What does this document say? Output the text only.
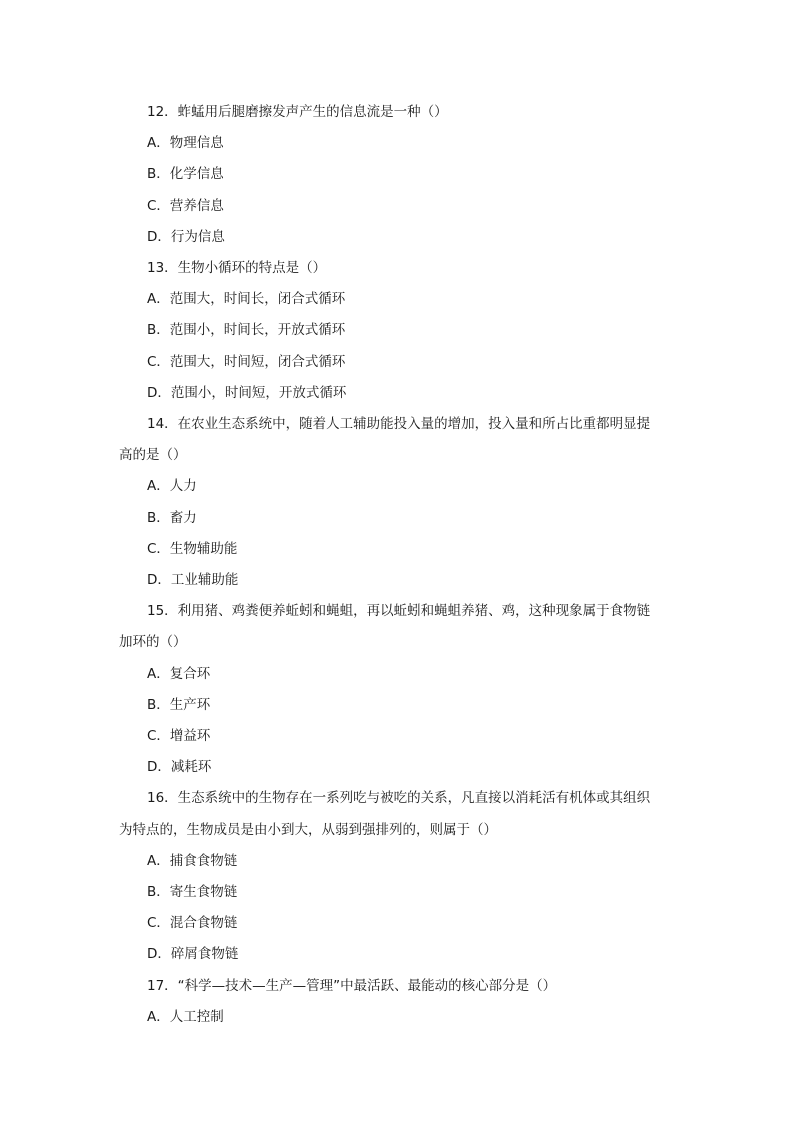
12．蚱蜢用后腿磨擦发声产生的信息流是一种（）
A．物理信息
B．化学信息
C．营养信息
D．行为信息
13．生物小循环的特点是（）
A．范围大，时间长，闭合式循环
B．范围小，时间长，开放式循环
C．范围大，时间短，闭合式循环
D．范围小，时间短，开放式循环
14．在农业生态系统中，随着人工辅助能投入量的增加，投入量和所占比重都明显提
高的是（）
A．人力
B．畜力
C．生物辅助能
D．工业辅助能
15．利用猪、鸡粪便养蚯蚓和蝇蛆，再以蚯蚓和蝇蛆养猪、鸡，这种现象属于食物链
加环的（）
A．复合环
B．生产环
C．增益环
D．减耗环
16．生态系统中的生物存在一系列吃与被吃的关系，凡直接以消耗活有机体或其组织
为特点的，生物成员是由小到大，从弱到强排列的，则属于（）
A．捕食食物链
B．寄生食物链
C．混合食物链
D．碎屑食物链
17．“科学—技术—生产—管理”中最活跃、最能动的核心部分是（）
A．人工控制
